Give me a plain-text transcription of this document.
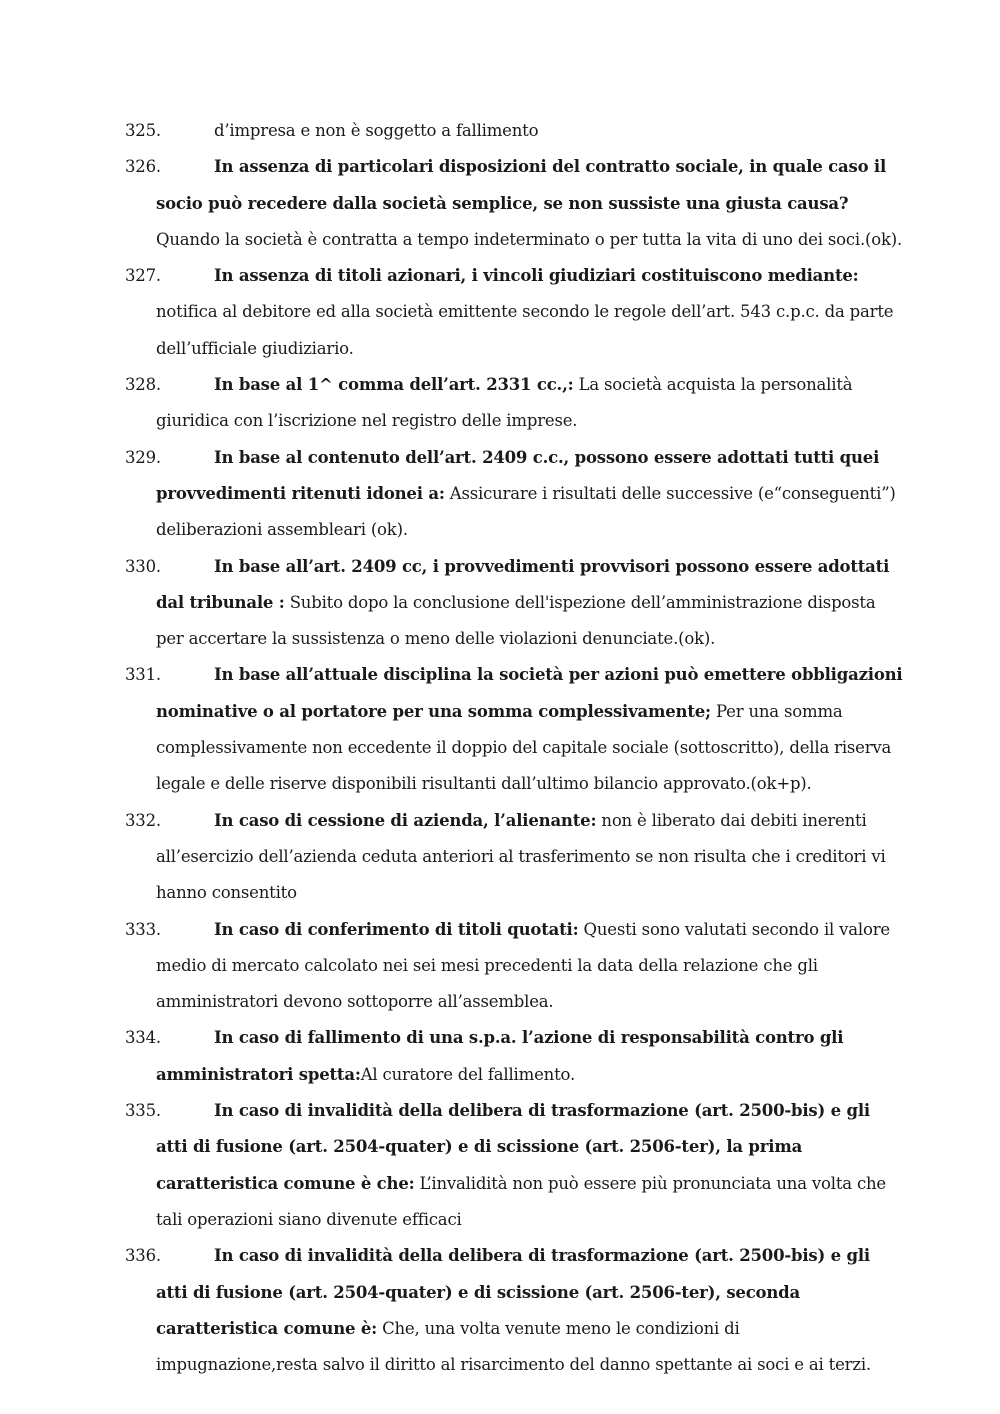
325.	d’impresa e non è soggetto a fallimento
326.	In assenza di particolari disposizioni del contratto sociale, in quale caso il socio può recedere dalla società semplice, se non sussiste una giusta causa? Quando la società è contratta a tempo indeterminato o per tutta la vita di uno dei soci.(ok).
327.	In assenza di titoli azionari, i vincoli giudiziari costituiscono mediante: notifica al debitore ed alla società emittente secondo le regole dell’art. 543 c.p.c. da parte dell’ufficiale giudiziario.
328.	In base al 1^ comma dell’art. 2331 cc.,: La società acquista la personalità giuridica con l’iscrizione nel registro delle imprese.
329.	In base al contenuto dell’art. 2409 c.c., possono essere adottati tutti quei provvedimenti ritenuti idonei a: Assicurare i risultati delle successive (e“conseguenti”) deliberazioni assembleari (ok).
330.	In base all’art. 2409 cc, i provvedimenti provvisori possono essere adottati dal tribunale : Subito dopo la conclusione dell'ispezione dell’amministrazione disposta per accertare la sussistenza o meno delle violazioni denunciate.(ok).
331.	In base all’attuale disciplina la società per azioni può emettere obbligazioni nominative o al portatore per una somma complessivamente; Per una somma complessivamente non eccedente il doppio del capitale sociale (sottoscritto), della riserva legale e delle riserve disponibili risultanti dall’ultimo bilancio approvato.(ok+p).
332.	In caso di cessione di azienda, l’alienante: non è liberato dai debiti inerenti all’esercizio dell’azienda ceduta anteriori al trasferimento se non risulta che i creditori vi hanno consentito
333.	In caso di conferimento di titoli quotati: Questi sono valutati secondo il valore medio di mercato calcolato nei sei mesi precedenti la data della relazione che gli amministratori devono sottoporre all’assemblea.
334.	In caso di fallimento di una s.p.a. l’azione di responsabilità contro gli amministratori spetta:Al curatore del fallimento.
335.	In caso di invalidità della delibera di trasformazione (art. 2500-bis) e gli atti di fusione (art. 2504-quater) e di scissione (art. 2506-ter), la prima caratteristica comune è che: L’invalidità non può essere più pronunciata una volta che tali operazioni siano divenute efficaci
336.	In caso di invalidità della delibera di trasformazione (art. 2500-bis) e gli atti di fusione (art. 2504-quater) e di scissione (art. 2506-ter), seconda caratteristica comune è: Che, una volta venute meno le condizioni di impugnazione,resta salvo il diritto al risarcimento del danno spettante ai soci e ai terzi.
